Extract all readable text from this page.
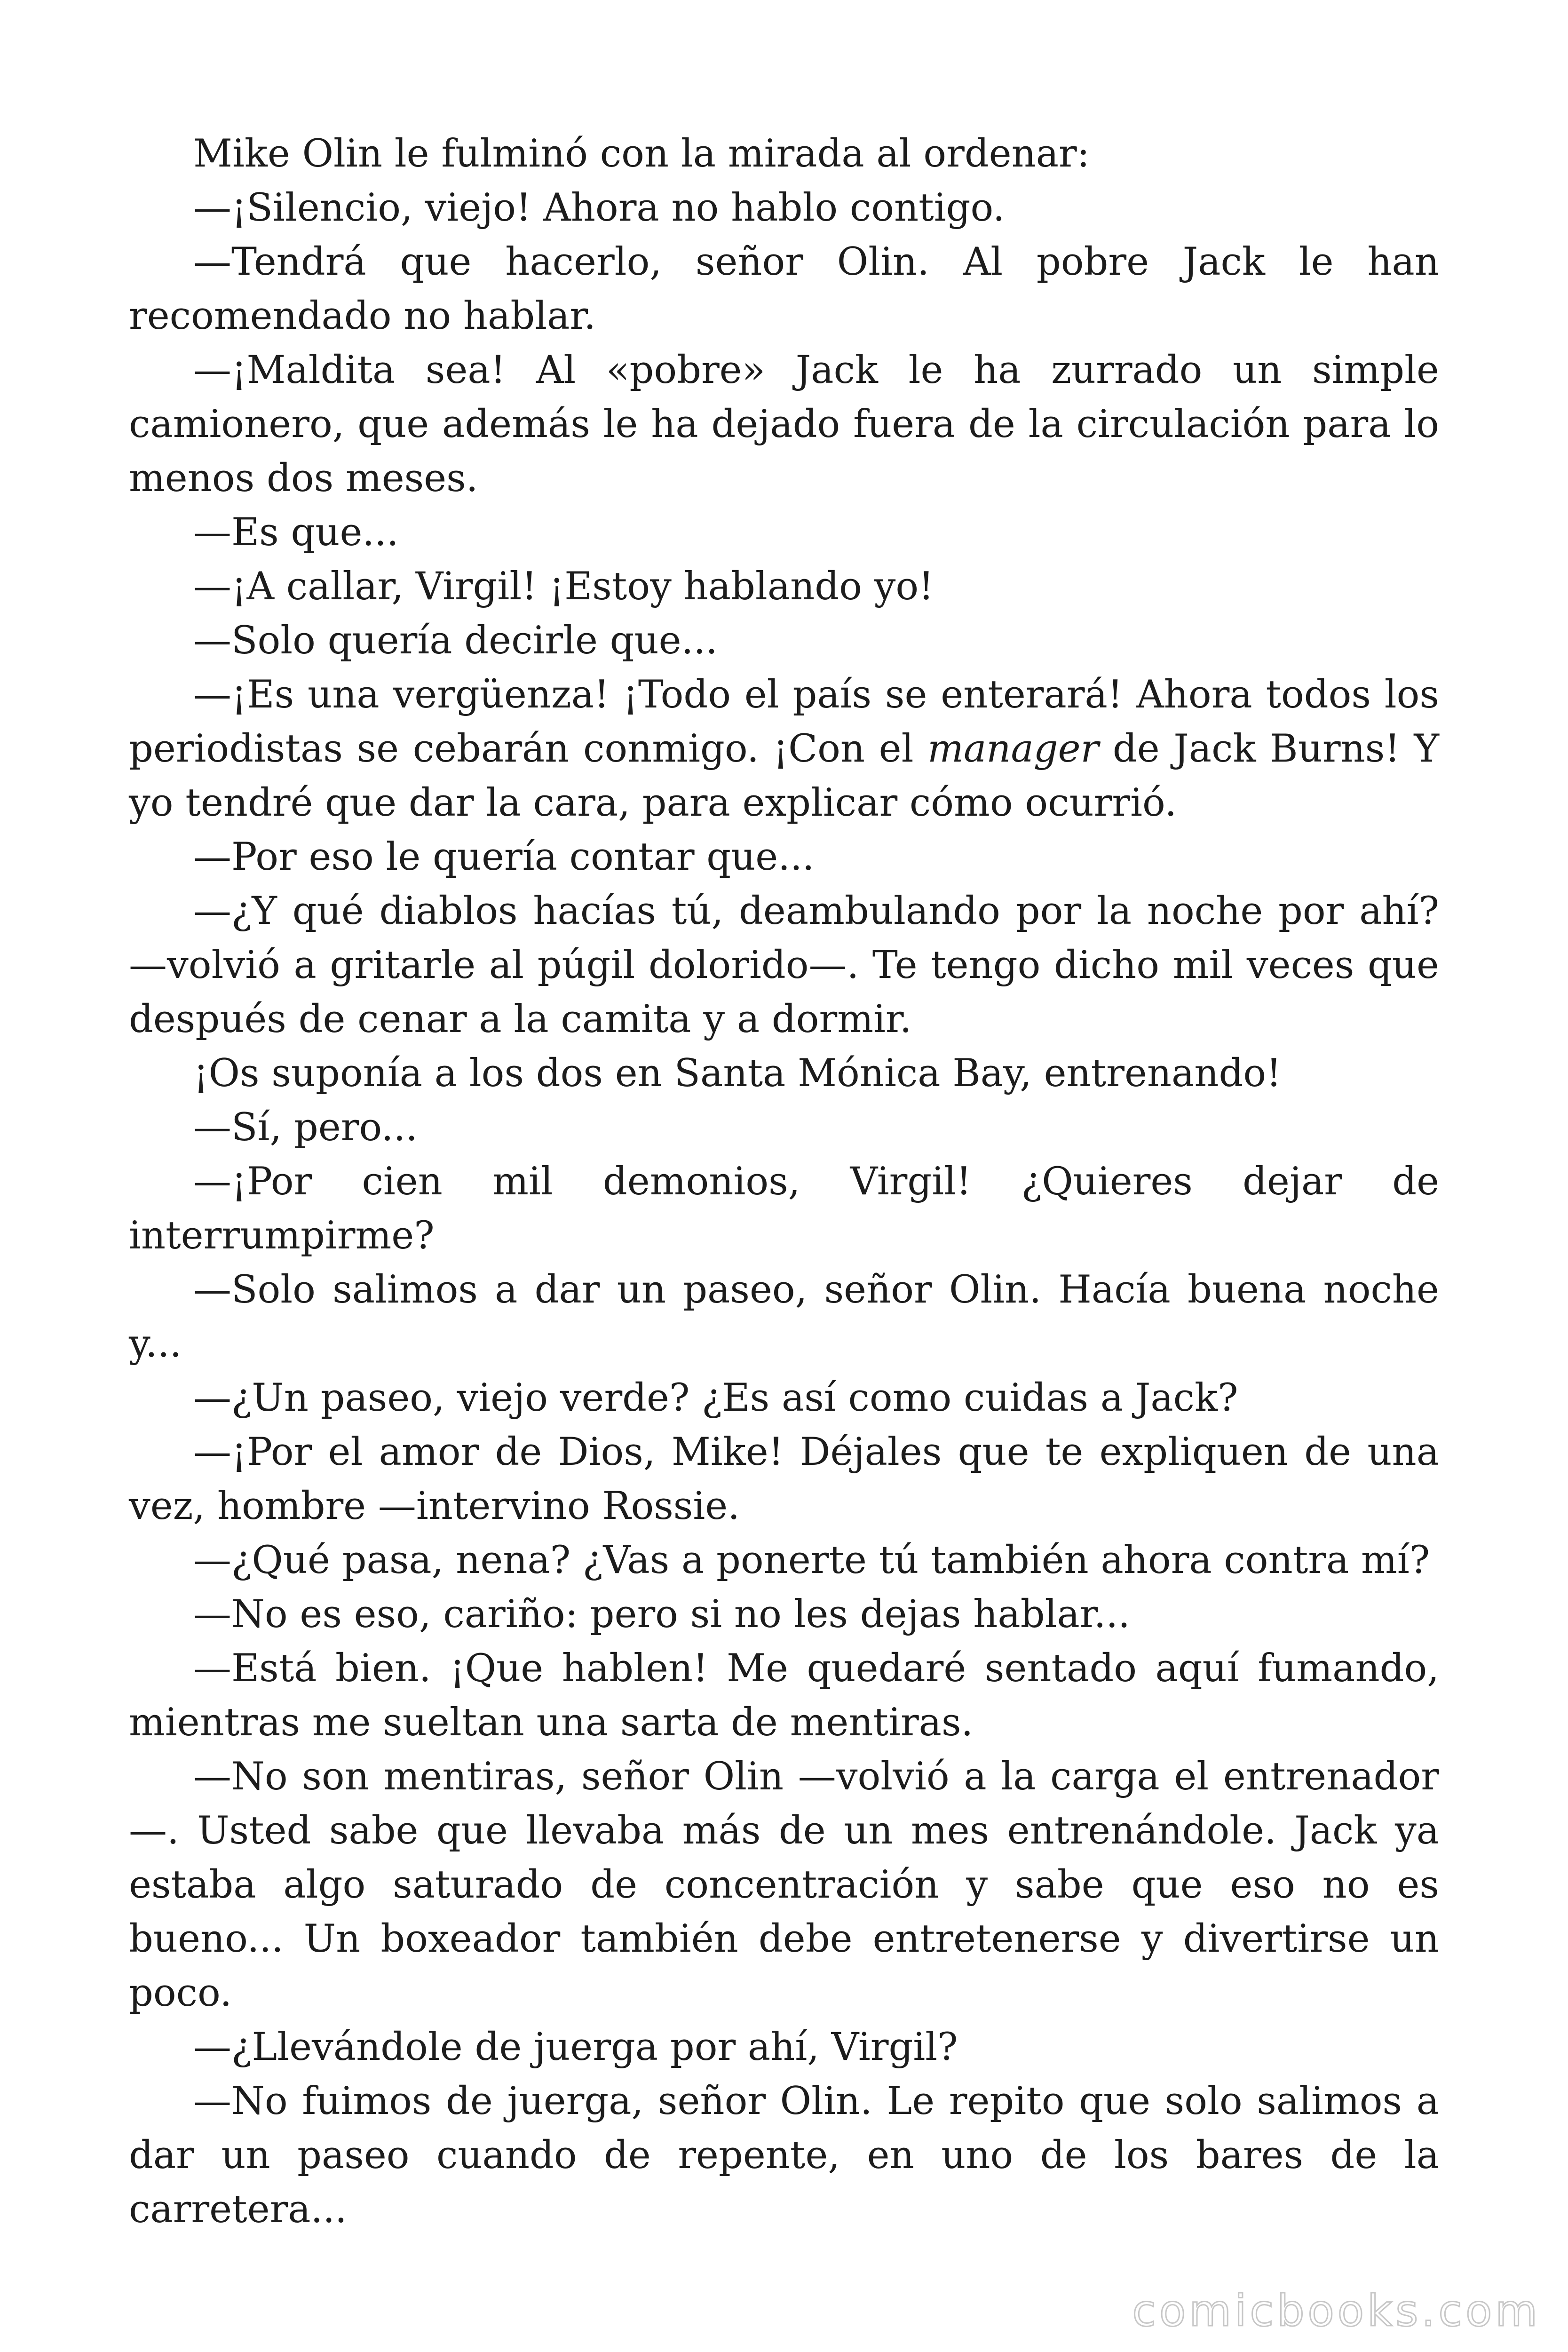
Mike Olin le fulminó con la mirada al ordenar:

—¡Silencio, viejo! Ahora no hablo contigo.

—Tendrá que hacerlo, señor Olin. Al pobre Jack le han recomendado no hablar.

—¡Maldita sea! Al «pobre» Jack le ha zurrado un simple camionero, que además le ha dejado fuera de la circulación para lo menos dos meses.

—Es que...

—¡A callar, Virgil! ¡Estoy hablando yo!

—Solo quería decirle que...

—¡Es una vergüenza! ¡Todo el país se enterará! Ahora todos los periodistas se cebarán conmigo. ¡Con el manager de Jack Burns! Y yo tendré que dar la cara, para explicar cómo ocurrió.

—Por eso le quería contar que...

—¿Y qué diablos hacías tú, deambulando por la noche por ahí? —volvió a gritarle al púgil dolorido—. Te tengo dicho mil veces que después de cenar a la camita y a dormir.

¡Os suponía a los dos en Santa Mónica Bay, entrenando!

—Sí, pero...

—¡Por cien mil demonios, Virgil! ¿Quieres dejar de interrumpirme?

—Solo salimos a dar un paseo, señor Olin. Hacía buena noche y...

—¿Un paseo, viejo verde? ¿Es así como cuidas a Jack?

—¡Por el amor de Dios, Mike! Déjales que te expliquen de una vez, hombre —intervino Rossie.

—¿Qué pasa, nena? ¿Vas a ponerte tú también ahora contra mí?

—No es eso, cariño: pero si no les dejas hablar...

—Está bien. ¡Que hablen! Me quedaré sentado aquí fumando, mientras me sueltan una sarta de mentiras.

—No son mentiras, señor Olin —volvió a la carga el entrenador —. Usted sabe que llevaba más de un mes entrenándole. Jack ya estaba algo saturado de concentración y sabe que eso no es bueno... Un boxeador también debe entretenerse y divertirse un poco.

—¿Llevándole de juerga por ahí, Virgil?

—No fuimos de juerga, señor Olin. Le repito que solo salimos a dar un paseo cuando de repente, en uno de los bares de la carretera...

comicbooks.com
